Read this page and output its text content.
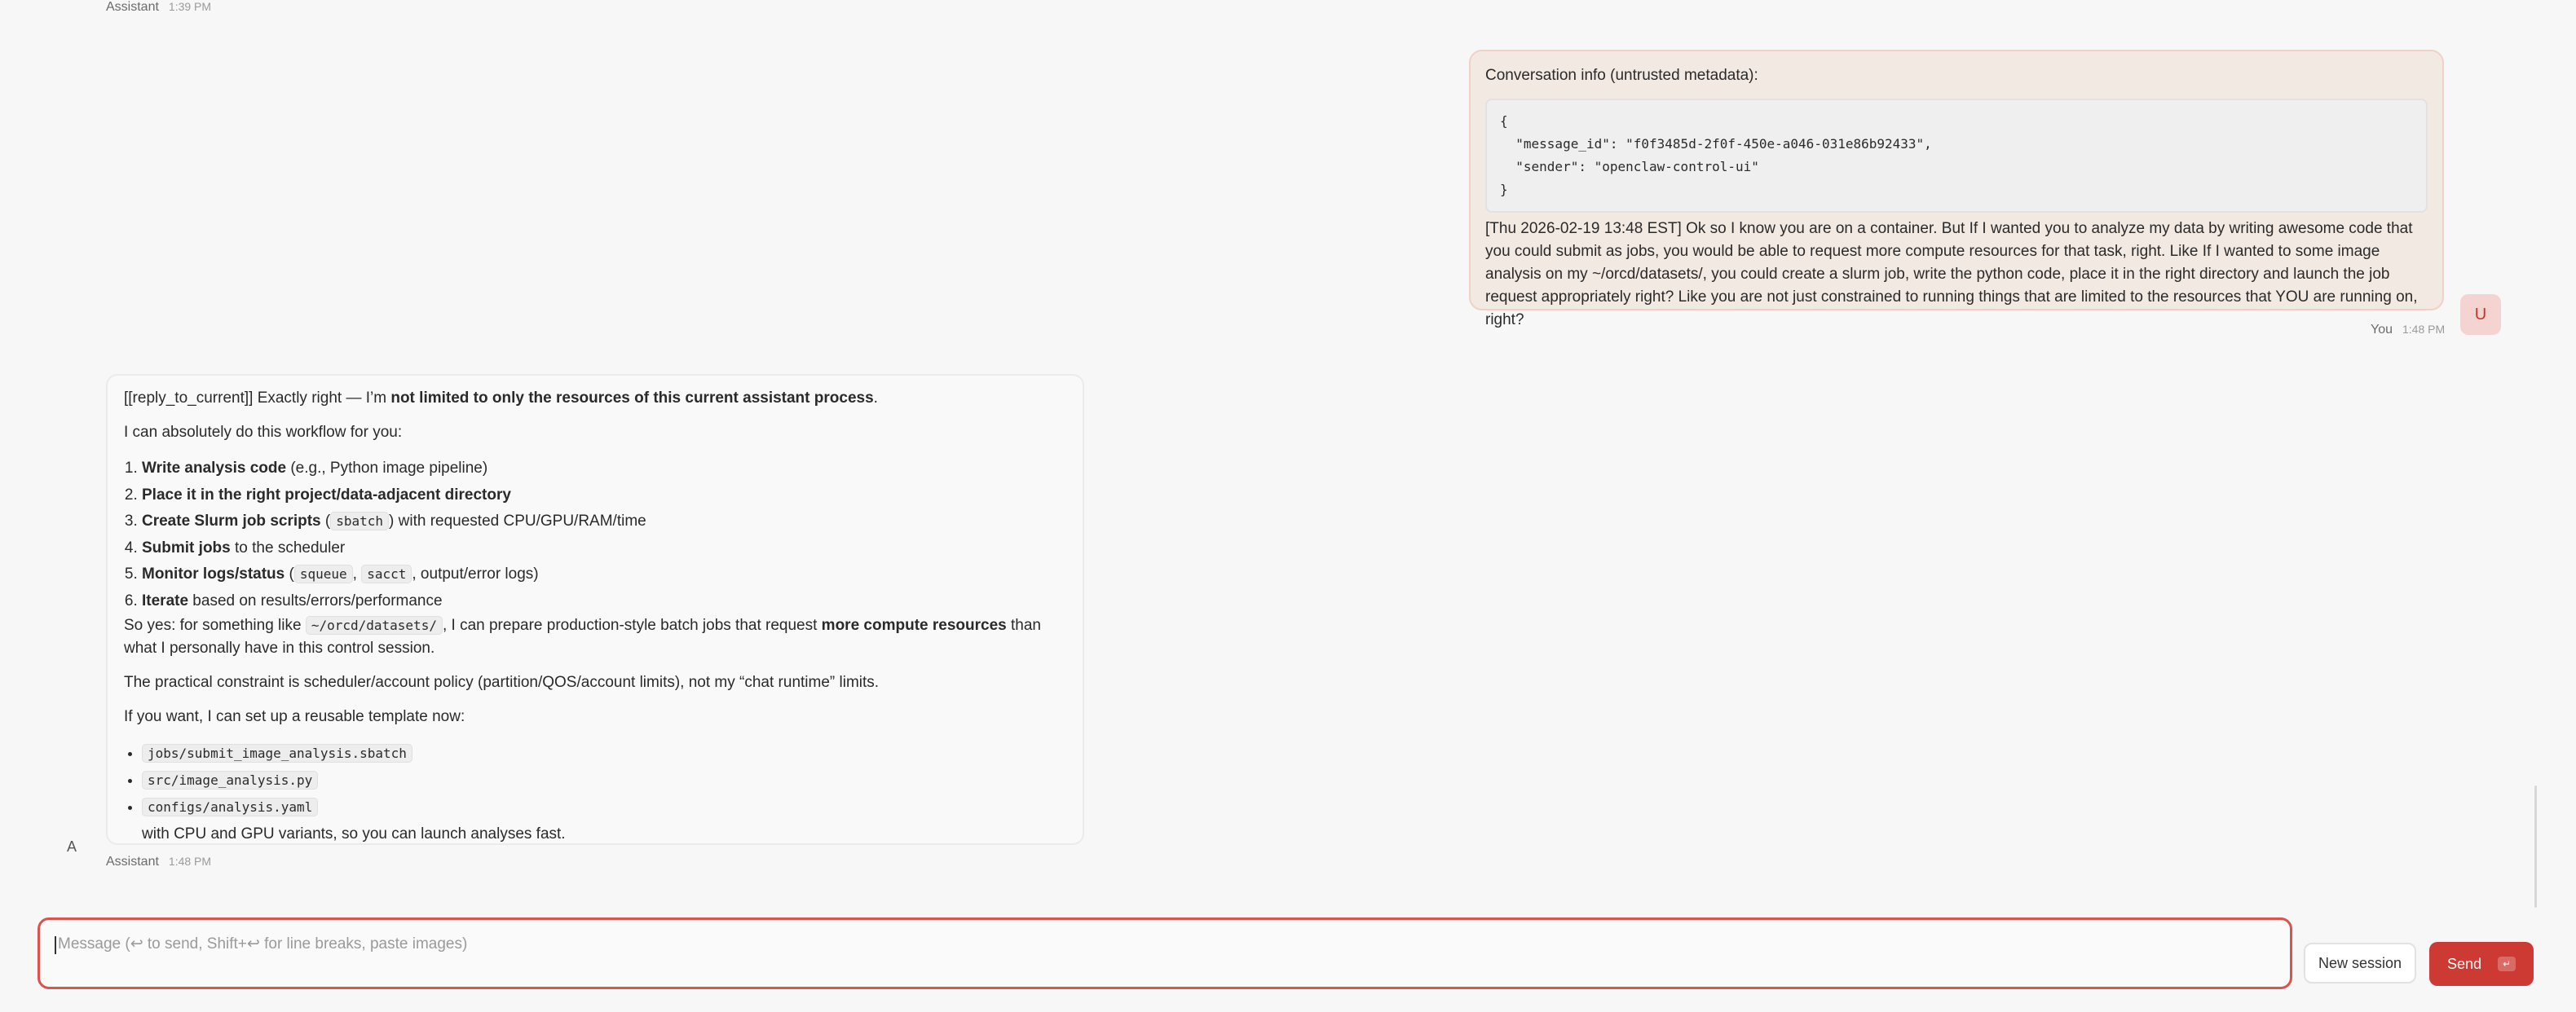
Assistant 1:39 PM
Conversation info (untrusted metadata):
{
"message_id": "f0f3485d-2f0f-450e-a046-031e86b92433",
"sender": "openclaw-control-ui"
}

[Thu 2026-02-19 13:48 EST] Ok so I know you are on a container. But If I wanted you to analyze my data by writing awesome code that you could submit as jobs, you would be able to request more compute resources for that task, right. Like If I wanted to some image analysis on my ~/orcd/datasets/, you could create a slurm job, write the python code, place it in the right directory and launch the job request appropriately right? Like you are not just constrained to running things that are limited to the resources that YOU are running on, right?	U
You 1:48 PM

[[reply_to_current]] Exactly right — I’m not limited to only the resources of this current assistant process.

I can absolutely do this workflow for you:

1. Write analysis code (e.g., Python image pipeline)
2. Place it in the right project/data-adjacent directory
3. Create Slurm job scripts ( sbatch ) with requested CPU/GPU/RAM/time
4. Submit jobs to the scheduler
5. Monitor logs/status ( squeue , sacct , output/error logs)
6. Iterate based on results/errors/performance

So yes: for something like ~/orcd/datasets/ , I can prepare production-style batch jobs that request more compute resources than what I personally have in this control session.

The practical constraint is scheduler/account policy (partition/QOS/account limits), not my “chat runtime” limits.

If you want, I can set up a reusable template now:

• jobs/submit_image_analysis.sbatch
• src/image_analysis.py
• configs/analysis.yaml
with CPU and GPU variants, so you can launch analyses fast.
A
Assistant 1:48 PM
Message (↩ to send, Shift+↩ for line breaks, paste images)
New session	Send	↵
